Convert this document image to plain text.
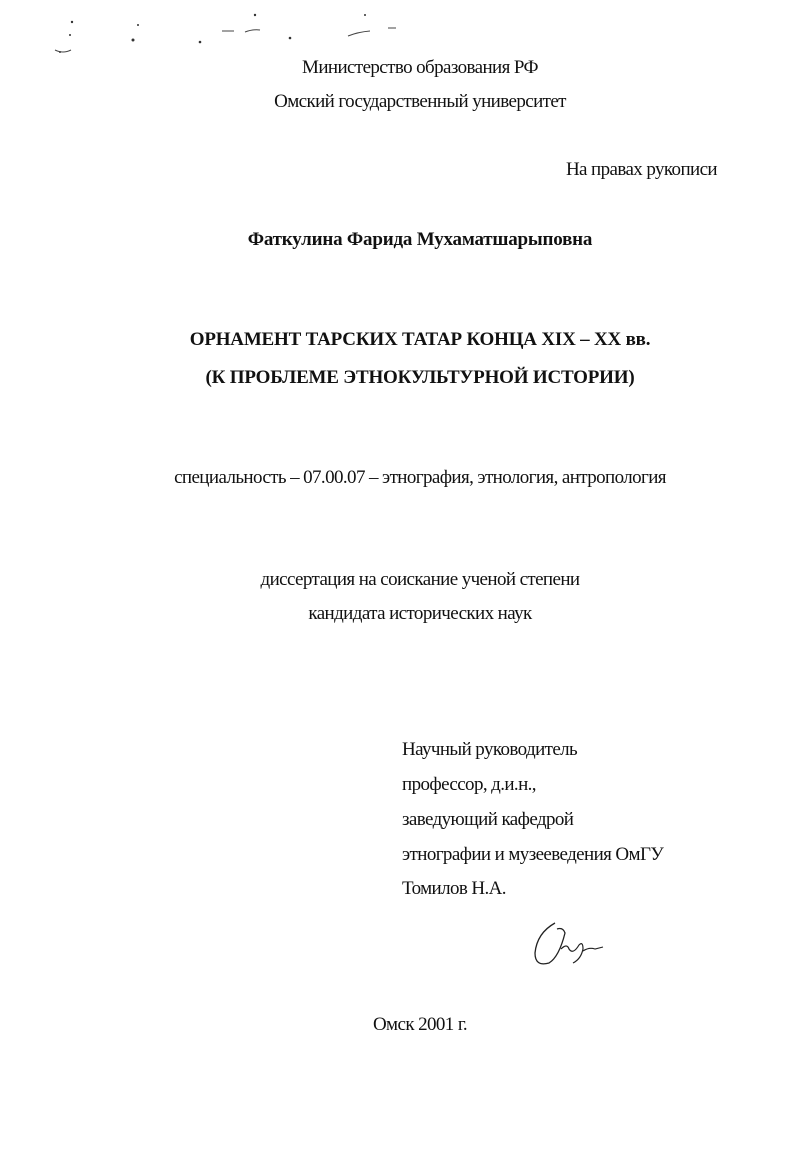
Министерство образования РФ
Омский государственный университет
На правах рукописи
Фаткулина Фарида Мухаматшарыповна
ОРНАМЕНТ ТАРСКИХ ТАТАР КОНЦА XIX – XX вв.
(К ПРОБЛЕМЕ ЭТНОКУЛЬТУРНОЙ ИСТОРИИ)
специальность – 07.00.07 – этнография, этнология, антропология
диссертация на соискание ученой степени
кандидата исторических наук
Научный руководитель
профессор, д.и.н.,
заведующий кафедрой
этнографии и музееведения ОмГУ
Томилов Н.А.
Омск 2001 г.
